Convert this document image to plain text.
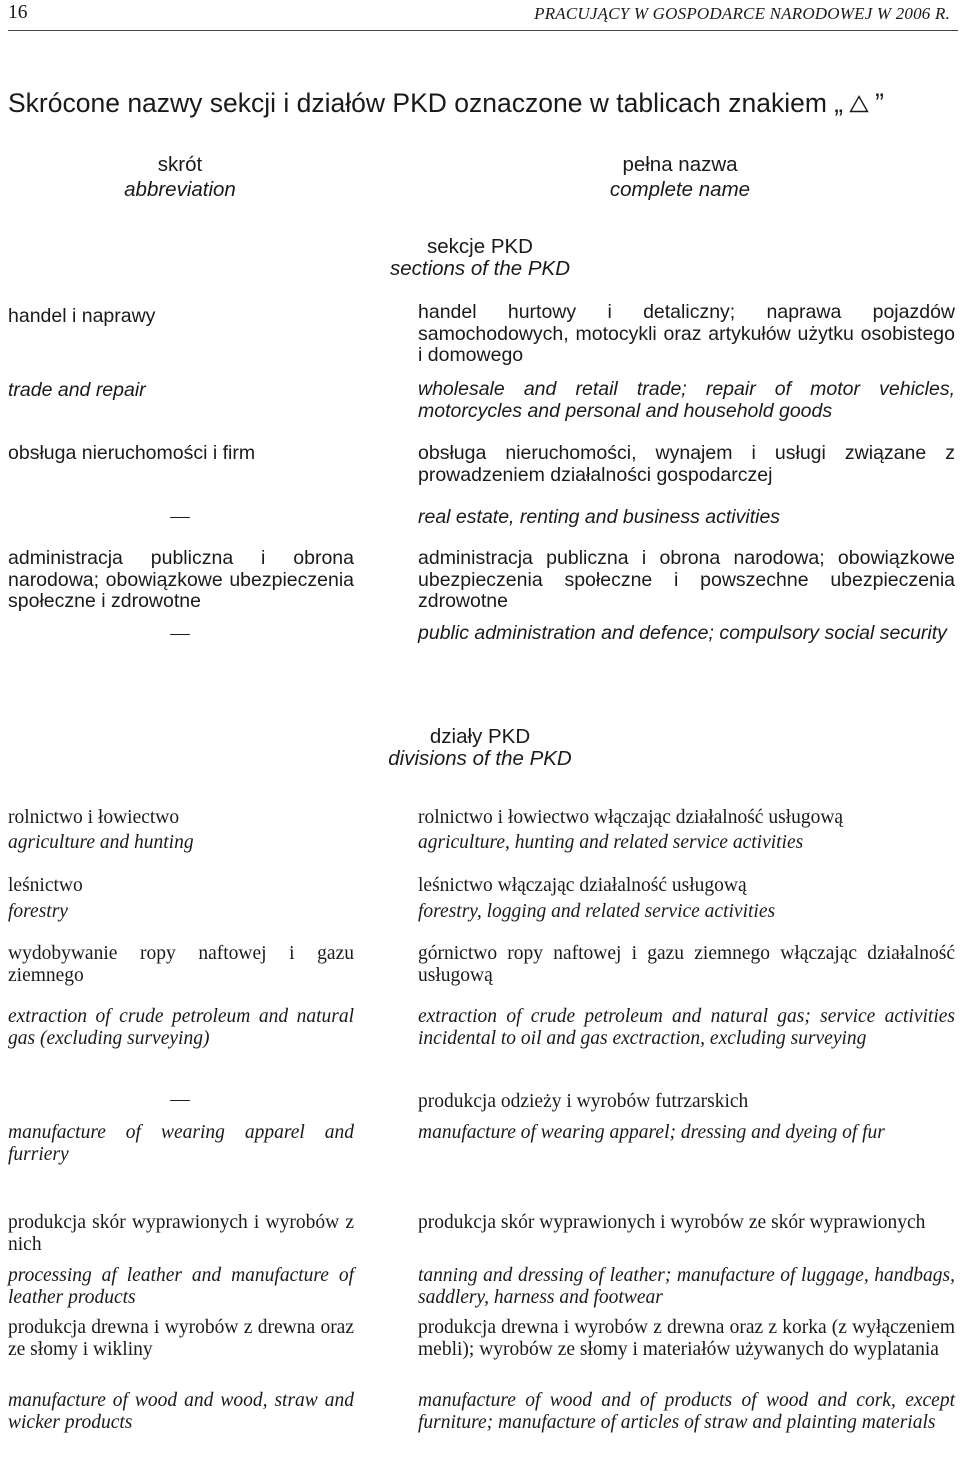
16	PRACUJĄCY W GOSPODARCE NARODOWEJ W 2006 R.
Skrócone nazwy sekcji i działów PKD oznaczone w tablicach znakiem „ ”
skrót
abbreviation
pełna nazwa
complete name
sekcje PKD
sections of the PKD
handel i naprawy
trade and repair
handel hurtowy i detaliczny; naprawa pojazdów samochodowych, motocykli oraz artykułów użytku osobistego i domowego
wholesale and retail trade; repair of motor vehicles, motorcycles and personal and household goods
obsługa nieruchomości i firm
—
obsługa nieruchomości, wynajem i usługi związane z prowadzeniem działalności gospodarczej
real estate, renting and business activities
administracja publiczna i obrona narodowa; obowiązkowe ubezpieczenia społeczne i zdrowotne
—
administracja publiczna i obrona narodowa; obowiązkowe ubezpieczenia społeczne i powszechne ubezpieczenia zdrowotne
public administration and defence; compulsory social security
działy PKD
divisions of the PKD
rolnictwo i łowiectwo
agriculture and hunting
rolnictwo i łowiectwo włączając działalność usługową
agriculture, hunting and related service activities
leśnictwo
forestry
leśnictwo włączając działalność usługową
forestry, logging and related service activities
wydobywanie ropy naftowej i gazu ziemnego
extraction of crude petroleum and natural gas (excluding surveying)
górnictwo ropy naftowej i gazu ziemnego włączając działalność usługową
extraction of crude petroleum and natural gas; service activities incidental to oil and gas exctraction, excluding surveying
—
manufacture of wearing apparel and furriery
produkcja odzieży i wyrobów futrzarskich
manufacture of wearing apparel; dressing and dyeing of fur
produkcja skór wyprawionych i wyrobów z nich
processing af leather and manufacture of leather products
produkcja skór wyprawionych i wyrobów ze skór wyprawionych
tanning and dressing of leather; manufacture of luggage, handbags, saddlery, harness and footwear
produkcja drewna i wyrobów z drewna oraz ze słomy i wikliny
manufacture of wood and wood, straw and wicker products
produkcja drewna i wyrobów z drewna oraz z korka (z wyłączeniem mebli); wyrobów ze słomy i materiałów używanych do wyplatania
manufacture of wood and of products of wood and cork, except furniture; manufacture of articles of straw and plainting materials
